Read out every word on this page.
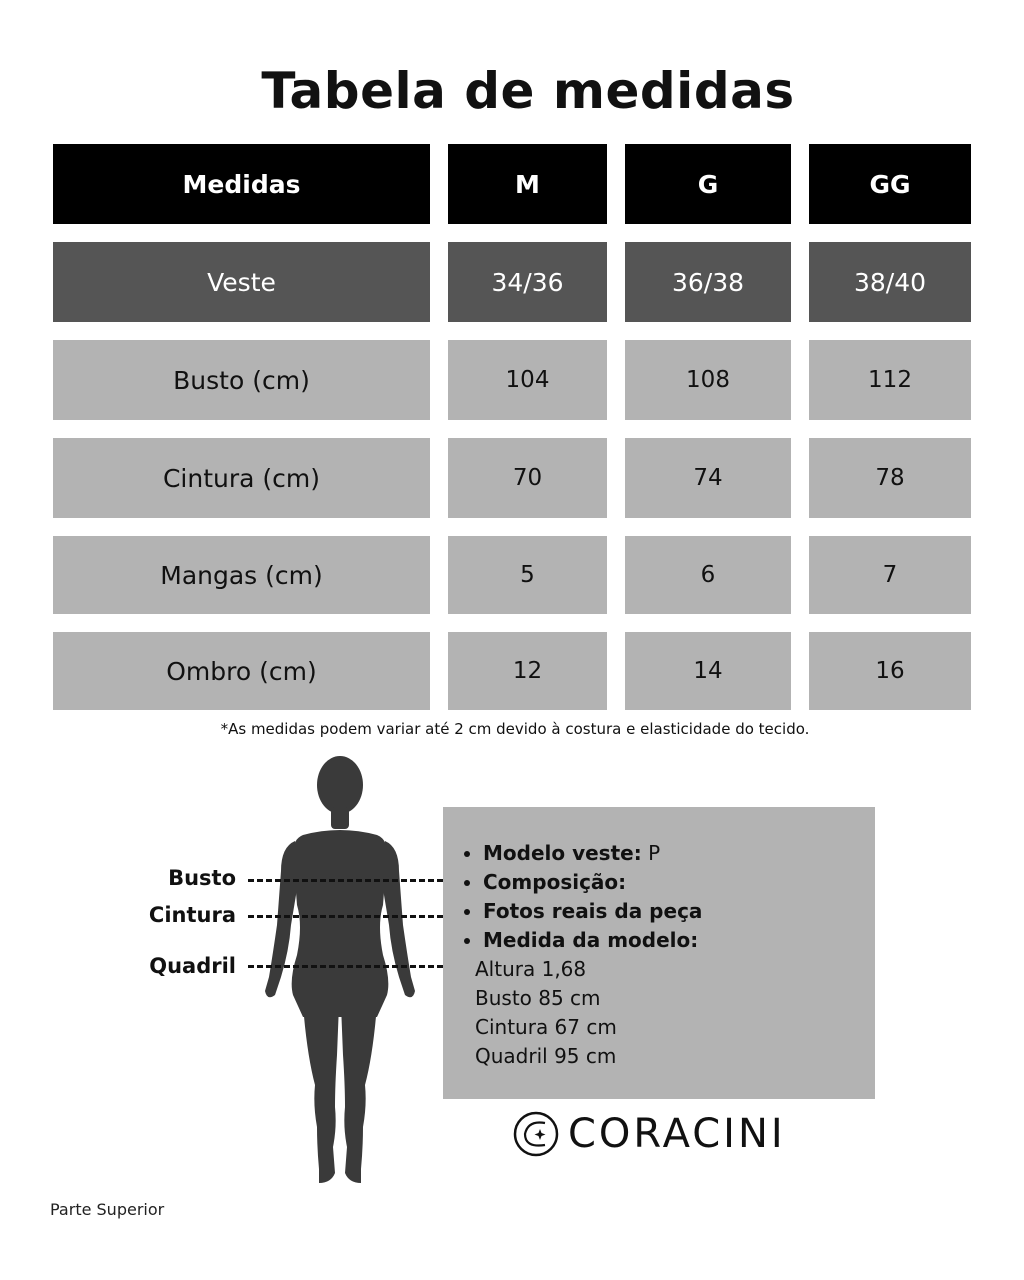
Tabela de medidas
Medidas	M	G	GG
Veste	34/36	36/38	38/40
Busto (cm)	104	108	112
Cintura (cm)	70	74	78
Mangas (cm)	5	6	7
Ombro (cm)	12	14	16
*As medidas podem variar até 2 cm devido à costura e elasticidade do tecido.
Busto
Cintura
Quadril
• Modelo veste: P
• Composição:
• Fotos reais da peça
• Medida da modelo:
Altura 1,68
Busto 85 cm
Cintura 67 cm
Quadril 95 cm
CORACINI
Parte Superior
